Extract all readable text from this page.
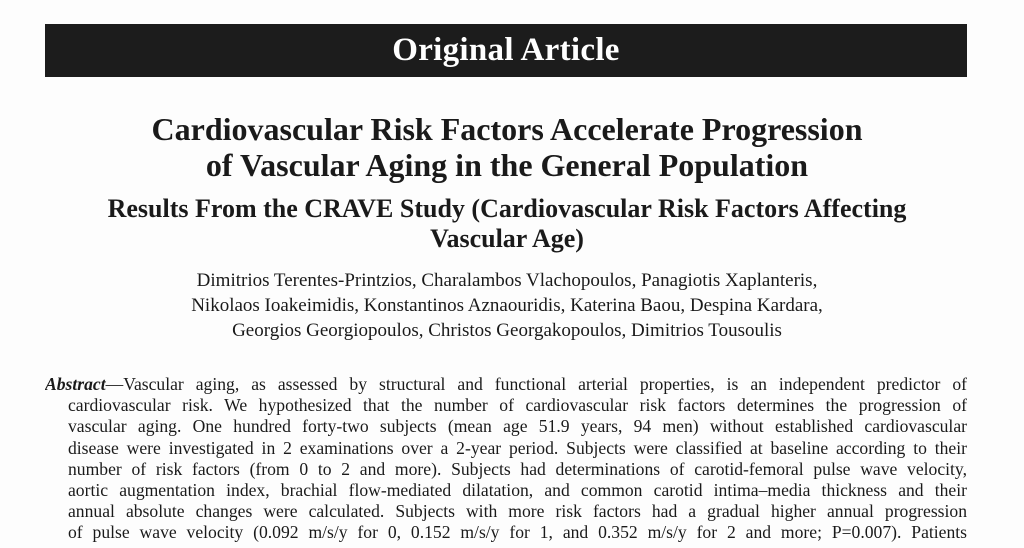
Original Article
Cardiovascular Risk Factors Accelerate Progression
of Vascular Aging in the General Population
Results From the CRAVE Study (Cardiovascular Risk Factors Affecting
Vascular Age)
Dimitrios Terentes-Printzios, Charalambos Vlachopoulos, Panagiotis Xaplanteris,
Nikolaos Ioakeimidis, Konstantinos Aznaouridis, Katerina Baou, Despina Kardara,
Georgios Georgiopoulos, Christos Georgakopoulos, Dimitrios Tousoulis
Abstract—Vascular aging, as assessed by structural and functional arterial properties, is an independent predictor of
cardiovascular risk. We hypothesized that the number of cardiovascular risk factors determines the progression of
vascular aging. One hundred forty-two subjects (mean age 51.9 years, 94 men) without established cardiovascular
disease were investigated in 2 examinations over a 2-year period. Subjects were classified at baseline according to their
number of risk factors (from 0 to 2 and more). Subjects had determinations of carotid-femoral pulse wave velocity,
aortic augmentation index, brachial flow-mediated dilatation, and common carotid intima–media thickness and their
annual absolute changes were calculated. Subjects with more risk factors had a gradual higher annual progression
of pulse wave velocity (0.092 m/s/y for 0, 0.152 m/s/y for 1, and 0.352 m/s/y for 2 and more; P=0.007). Patients
